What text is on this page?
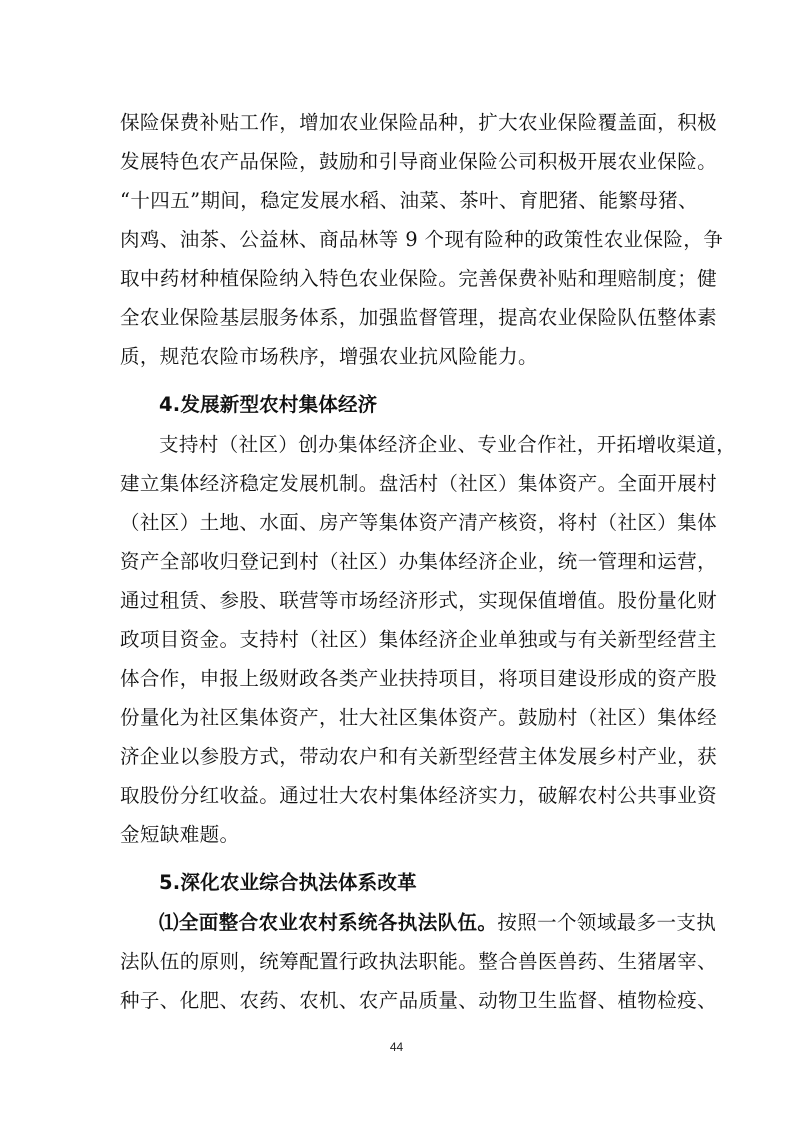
保险保费补贴工作，增加农业保险品种，扩大农业保险覆盖面，积极
发展特色农产品保险，鼓励和引导商业保险公司积极开展农业保险。
“十四五”期间，稳定发展水稻、油菜、茶叶、育肥猪、能繁母猪、
肉鸡、油茶、公益林、商品林等 9 个现有险种的政策性农业保险，争
取中药材种植保险纳入特色农业保险。完善保费补贴和理赔制度；健
全农业保险基层服务体系，加强监督管理，提高农业保险队伍整体素
质，规范农险市场秩序，增强农业抗风险能力。
4.发展新型农村集体经济
支持村（社区）创办集体经济企业、专业合作社，开拓增收渠道，
建立集体经济稳定发展机制。盘活村（社区）集体资产。全面开展村
（社区）土地、水面、房产等集体资产清产核资，将村（社区）集体
资产全部收归登记到村（社区）办集体经济企业，统一管理和运营，
通过租赁、参股、联营等市场经济形式，实现保值增值。股份量化财
政项目资金。支持村（社区）集体经济企业单独或与有关新型经营主
体合作，申报上级财政各类产业扶持项目，将项目建设形成的资产股
份量化为社区集体资产，壮大社区集体资产。鼓励村（社区）集体经
济企业以参股方式，带动农户和有关新型经营主体发展乡村产业，获
取股份分红收益。通过壮大农村集体经济实力，破解农村公共事业资
金短缺难题。
5.深化农业综合执法体系改革
⑴全面整合农业农村系统各执法队伍。按照一个领域最多一支执
法队伍的原则，统筹配置行政执法职能。整合兽医兽药、生猪屠宰、
种子、化肥、农药、农机、农产品质量、动物卫生监督、植物检疫、
44
